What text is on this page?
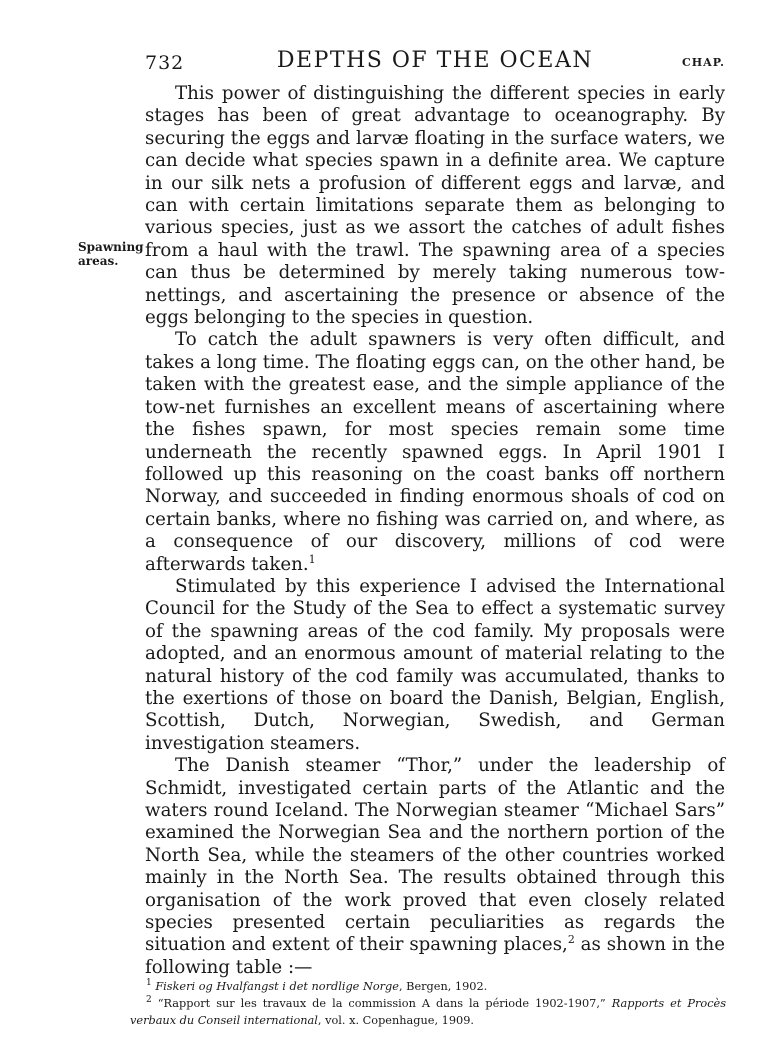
732	DEPTHS OF THE OCEAN	CHAP.
Spawning
areas.

This power of distinguishing the different species in early stages has been of great advantage to oceanography. By securing the eggs and larvæ floating in the surface waters, we can decide what species spawn in a definite area. We capture in our silk nets a profusion of different eggs and larvæ, and can with certain limitations separate them as belonging to various species, just as we assort the catches of adult fishes from a haul with the trawl. The spawning area of a species can thus be determined by merely taking numerous tow-nettings, and ascertaining the presence or absence of the eggs belonging to the species in question.

To catch the adult spawners is very often difficult, and takes a long time. The floating eggs can, on the other hand, be taken with the greatest ease, and the simple appliance of the tow-net furnishes an excellent means of ascertaining where the fishes spawn, for most species remain some time underneath the recently spawned eggs. In April 1901 I followed up this reasoning on the coast banks off northern Norway, and succeeded in finding enormous shoals of cod on certain banks, where no fishing was carried on, and where, as a consequence of our discovery, millions of cod were afterwards taken.$^1$

Stimulated by this experience I advised the International Council for the Study of the Sea to effect a systematic survey of the spawning areas of the cod family. My proposals were adopted, and an enormous amount of material relating to the natural history of the cod family was accumulated, thanks to the exertions of those on board the Danish, Belgian, English, Scottish, Dutch, Norwegian, Swedish, and German investigation steamers.

The Danish steamer “Thor,” under the leadership of Schmidt, investigated certain parts of the Atlantic and the waters round Iceland. The Norwegian steamer “Michael Sars” examined the Norwegian Sea and the northern portion of the North Sea, while the steamers of the other countries worked mainly in the North Sea. The results obtained through this organisation of the work proved that even closely related species presented certain peculiarities as regards the situation and extent of their spawning places,$^2$ as shown in the following table :—

$^1$ Fiskeri og Hvalfangst i det nordlige Norge, Bergen, 1902.

$^2$ “Rapport sur les travaux de la commission A dans la période 1902-1907,” Rapports et Procès verbaux du Conseil international, vol. x. Copenhague, 1909.
